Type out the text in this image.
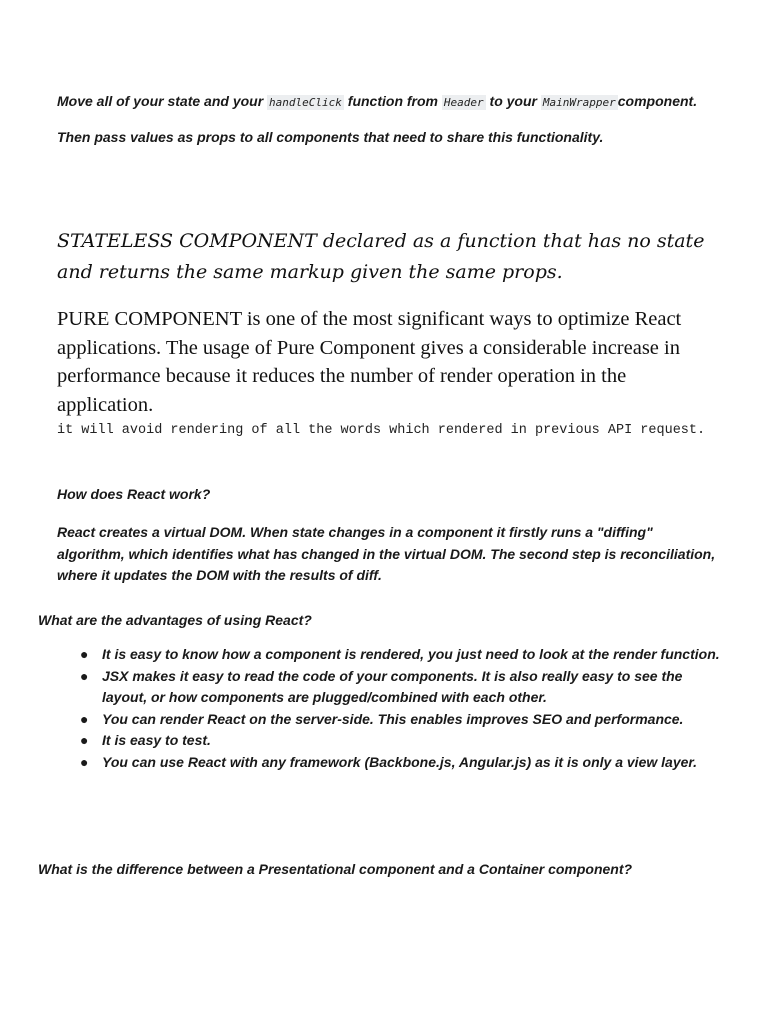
Move all of your state and your handleClick function from Header to your MainWrapper component.
Then pass values as props to all components that need to share this functionality.
STATELESS COMPONENT declared as a function that has no state and returns the same markup given the same props.
PURE COMPONENT is one of the most significant ways to optimize React applications. The usage of Pure Component gives a considerable increase in performance because it reduces the number of render operation in the application.
it will avoid rendering of all the words which rendered in previous API request.
How does React work?
React creates a virtual DOM. When state changes in a component it firstly runs a "diffing" algorithm, which identifies what has changed in the virtual DOM. The second step is reconciliation, where it updates the DOM with the results of diff.
What are the advantages of using React?
● It is easy to know how a component is rendered, you just need to look at the render function.
● JSX makes it easy to read the code of your components. It is also really easy to see the layout, or how components are plugged/combined with each other.
● You can render React on the server-side. This enables improves SEO and performance.
● It is easy to test.
● You can use React with any framework (Backbone.js, Angular.js) as it is only a view layer.
What is the difference between a Presentational component and a Container component?
